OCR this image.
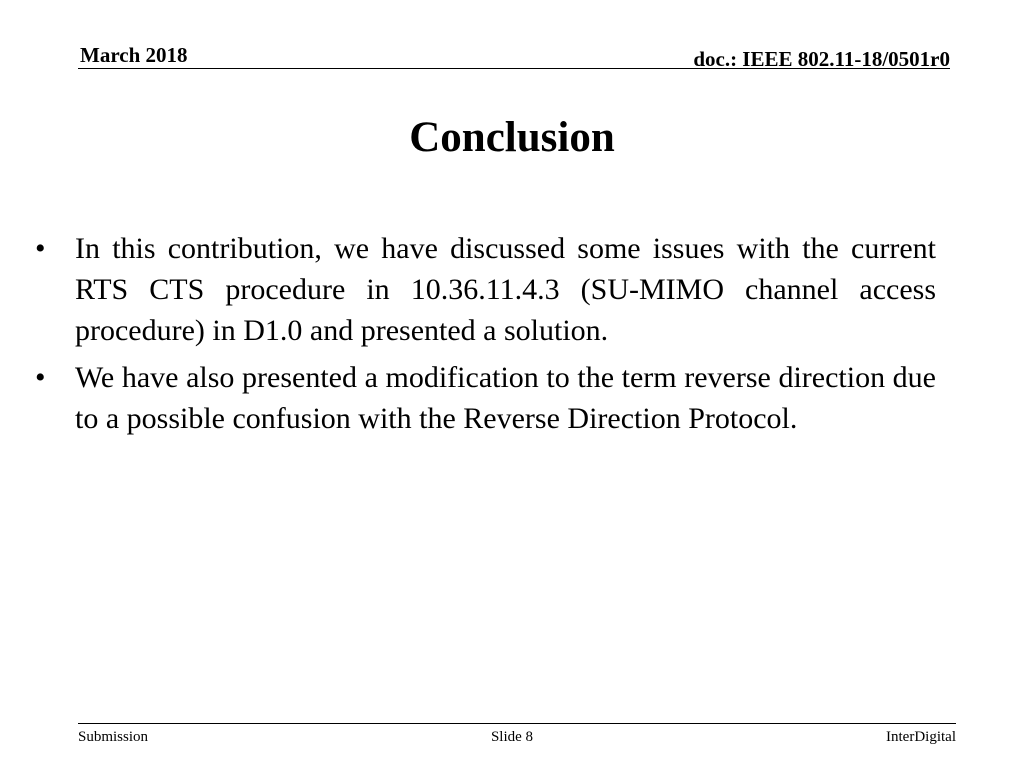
March 2018	doc.: IEEE 802.11-18/0501r0
Conclusion
• In this contribution, we have discussed some issues with the current RTS CTS procedure in 10.36.11.4.3 (SU-MIMO channel access procedure) in D1.0 and presented a solution.
• We have also presented a modification to the term reverse direction due to a possible confusion with the Reverse Direction Protocol.
Submission	Slide 8	InterDigital
